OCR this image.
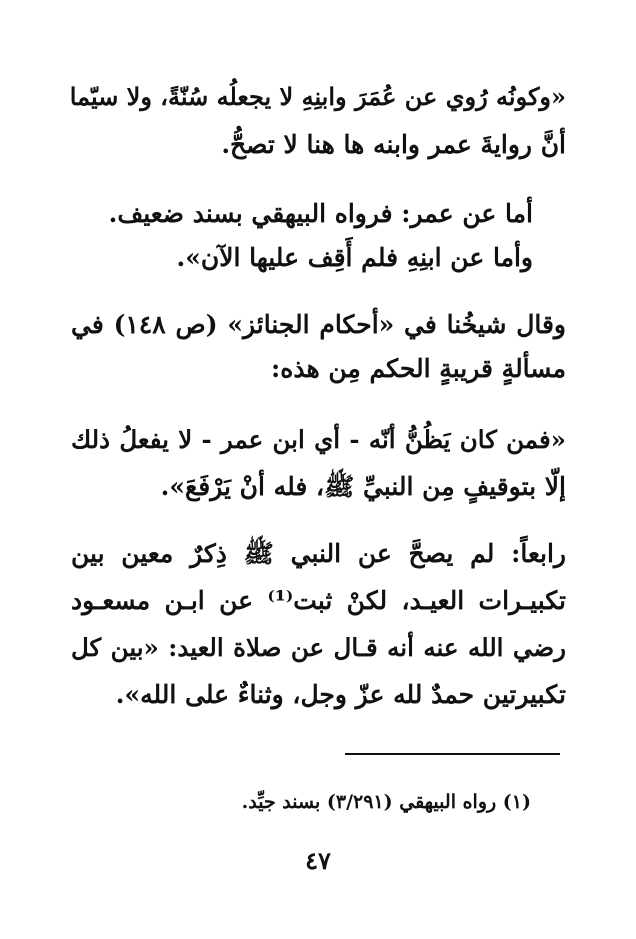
«وكونُه رُوي عن عُمَرَ وابنِهِ لا يجعلُه سُنّةً، ولا سيّما
أنَّ روايةَ عمر وابنه ها هنا لا تصحُّ.
أما عن عمر: فرواه البيهقي بسند ضعيف.
وأما عن ابنِهِ فلم أَقِف عليها الآن».
وقال شيخُنا في «أحكام الجنائز» (ص ١٤٨) في
مسألةٍ قريبةٍ الحكم مِن هذه:
«فمن كان يَظُنُّ أنّه - أي ابن عمر - لا يفعلُ ذلك
إلّا بتوقيفٍ مِن النبيِّ ﷺ، فله أنْ يَرْفَعَ».
رابعاً: لم يصحَّ عن النبي ﷺ ذِكرٌ معين بين
تكبيـرات العيـد، لكنْ ثبت⁽¹⁾ عن ابـن مسعـود
رضي الله عنه أنه قـال عن صلاة العيد: «بين كل
تكبيرتين حمدٌ لله عزّ وجل، وثناءٌ على الله».
(١) رواه البيهقي (٣/٢٩١) بسند جيِّد.
٤٧
